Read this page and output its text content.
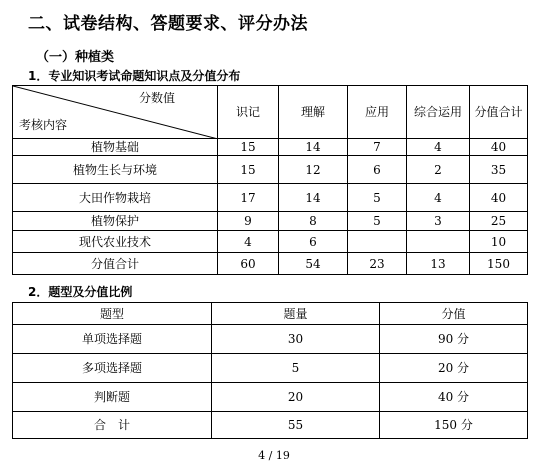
二、试卷结构、答题要求、评分办法
（一）种植类
1．专业知识考试命题知识点及分值分布
分数值
考核内容	识记	理解	应用	综合运用	分值合计
植物基础	15	14	7	4	40
植物生长与环境	15	12	6	2	35
大田作物栽培	17	14	5	4	40
植物保护	9	8	5	3	25
现代农业技术	4	6			10
分值合计	60	54	23	13	150
2．题型及分值比例
题型	题量	分值
单项选择题	30	90 分
多项选择题	5	20 分
判断题	20	40 分
合　计	55	150 分
4 / 19
